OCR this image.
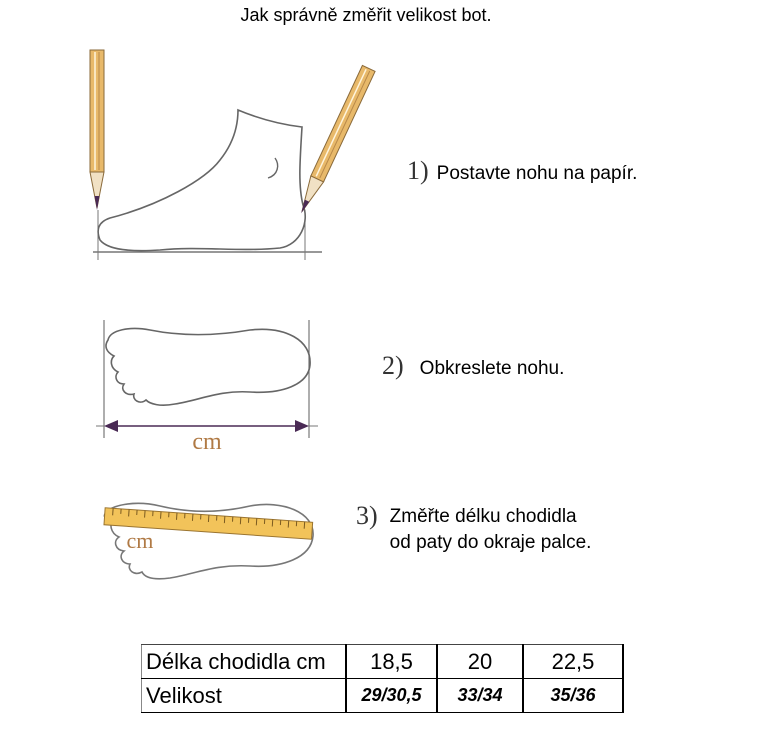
Jak správně změřit velikost bot.
cm
cm
1) Postavte nohu na papír.
2) Obkreslete nohu.
3) Změřte délku chodidla
od paty do okraje palce.
Délka chodidla cm	18,5	20	22,5
Velikost	29/30,5	33/34	35/36
